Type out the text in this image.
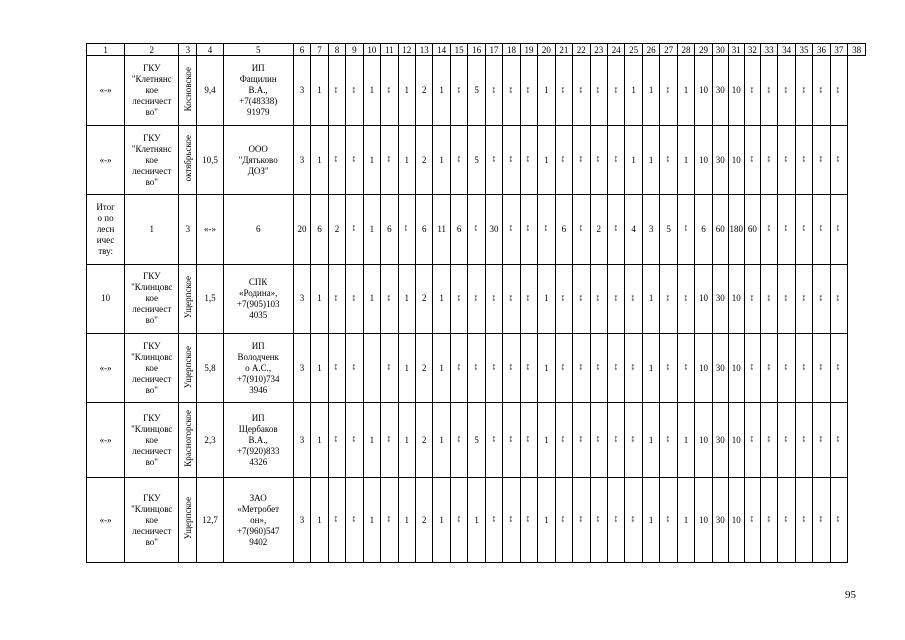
1	2	3	4	5	6	7	8	9	10	11	12	13	14	15	16	17	18	19	20	21	22	23	24	25	26	27	28	29	30	31	32	33	34	35	36	37	38
«-»	ГКУ
"Клетнянс
кое
лесничест
во"	Косновское	9,4	ИП
Фащилин
В.А.,
+7(48338)
91979	3	1	«-»	«-»	1	«-»	1	2	1	«-»	5	«-»	«-»	«-»	1	«-»	«-»	«-»	«-»	1	1	«-»	1	10	30	10	«-»	«-»	«-»	«-»	«-»	«-»	
«-»	ГКУ
"Клетнянс
кое
лесничест
во"	октябрьское	10,5	ООО
"Дятьково
ДОЗ"	3	1	«-»	«-»	1	«-»	1	2	1	«-»	5	«-»	«-»	«-»	1	«-»	«-»	«-»	«-»	1	1	«-»	1	10	30	10	«-»	«-»	«-»	«-»	«-»	«-»	

Итог
о по
лесн
ичес
тву:	1	3	«-»	6	20	6	2	«-»	1	6	«-»	6	11	6	«-»	30	«-»	«-»	«-»	6	«-»	2	«-»	4	3	5	«-»	6	60	180	60	«-»	«-»	«-»	«-»	«-»	
10	ГКУ
"Клинцовс
кое
лесничест
во"	Ущерпское	1,5	СПК
«Родина»,
+7(905)103
4035	3	1	«-»	«-»	1	«-»	1	2	1	«-»	«-»	«-»	«-»	«-»	1	«-»	«-»	«-»	«-»	«-»	1	«-»	«-»	10	30	10	«-»	«-»	«-»	«-»	«-»	«-»	
«-»	ГКУ
"Клинцовс
кое
лесничест
во"	Ущерпское	5,8	ИП
Володченк
о А.С.,
+7(910)734
3946	3	1	«-»	«-»		«-»	1	2	1	«-»	«-»	«-»	«-»	«-»	1	«-»	«-»	«-»	«-»	«-»	1	«-»	«-»	10	30	10	«-»	«-»	«-»	«-»	«-»	«-»	
«-»	ГКУ
"Клинцовс
кое
лесничест
во"	Красногорское	2,3	ИП
Щербаков
В.А.,
+7(920)833
4326	3	1	«-»	«-»	1	«-»	1	2	1	«-»	5	«-»	«-»	«-»	1	«-»	«-»	«-»	«-»	«-»	1	«-»	1	10	30	10	«-»	«-»	«-»	«-»	«-»	«-»	
«-»	ГКУ
"Клинцовс
кое
лесничест
во"	Ущерпское	12,7	ЗАО
«Метробет
он»,
+7(960)547
9402	3	1	«-»	«-»	1	«-»	1	2	1	«-»	1	«-»	«-»	«-»	1	«-»	«-»	«-»	«-»	«-»	1	«-»	1	10	30	10	«-»	«-»	«-»	«-»	«-»	«-»	
95
